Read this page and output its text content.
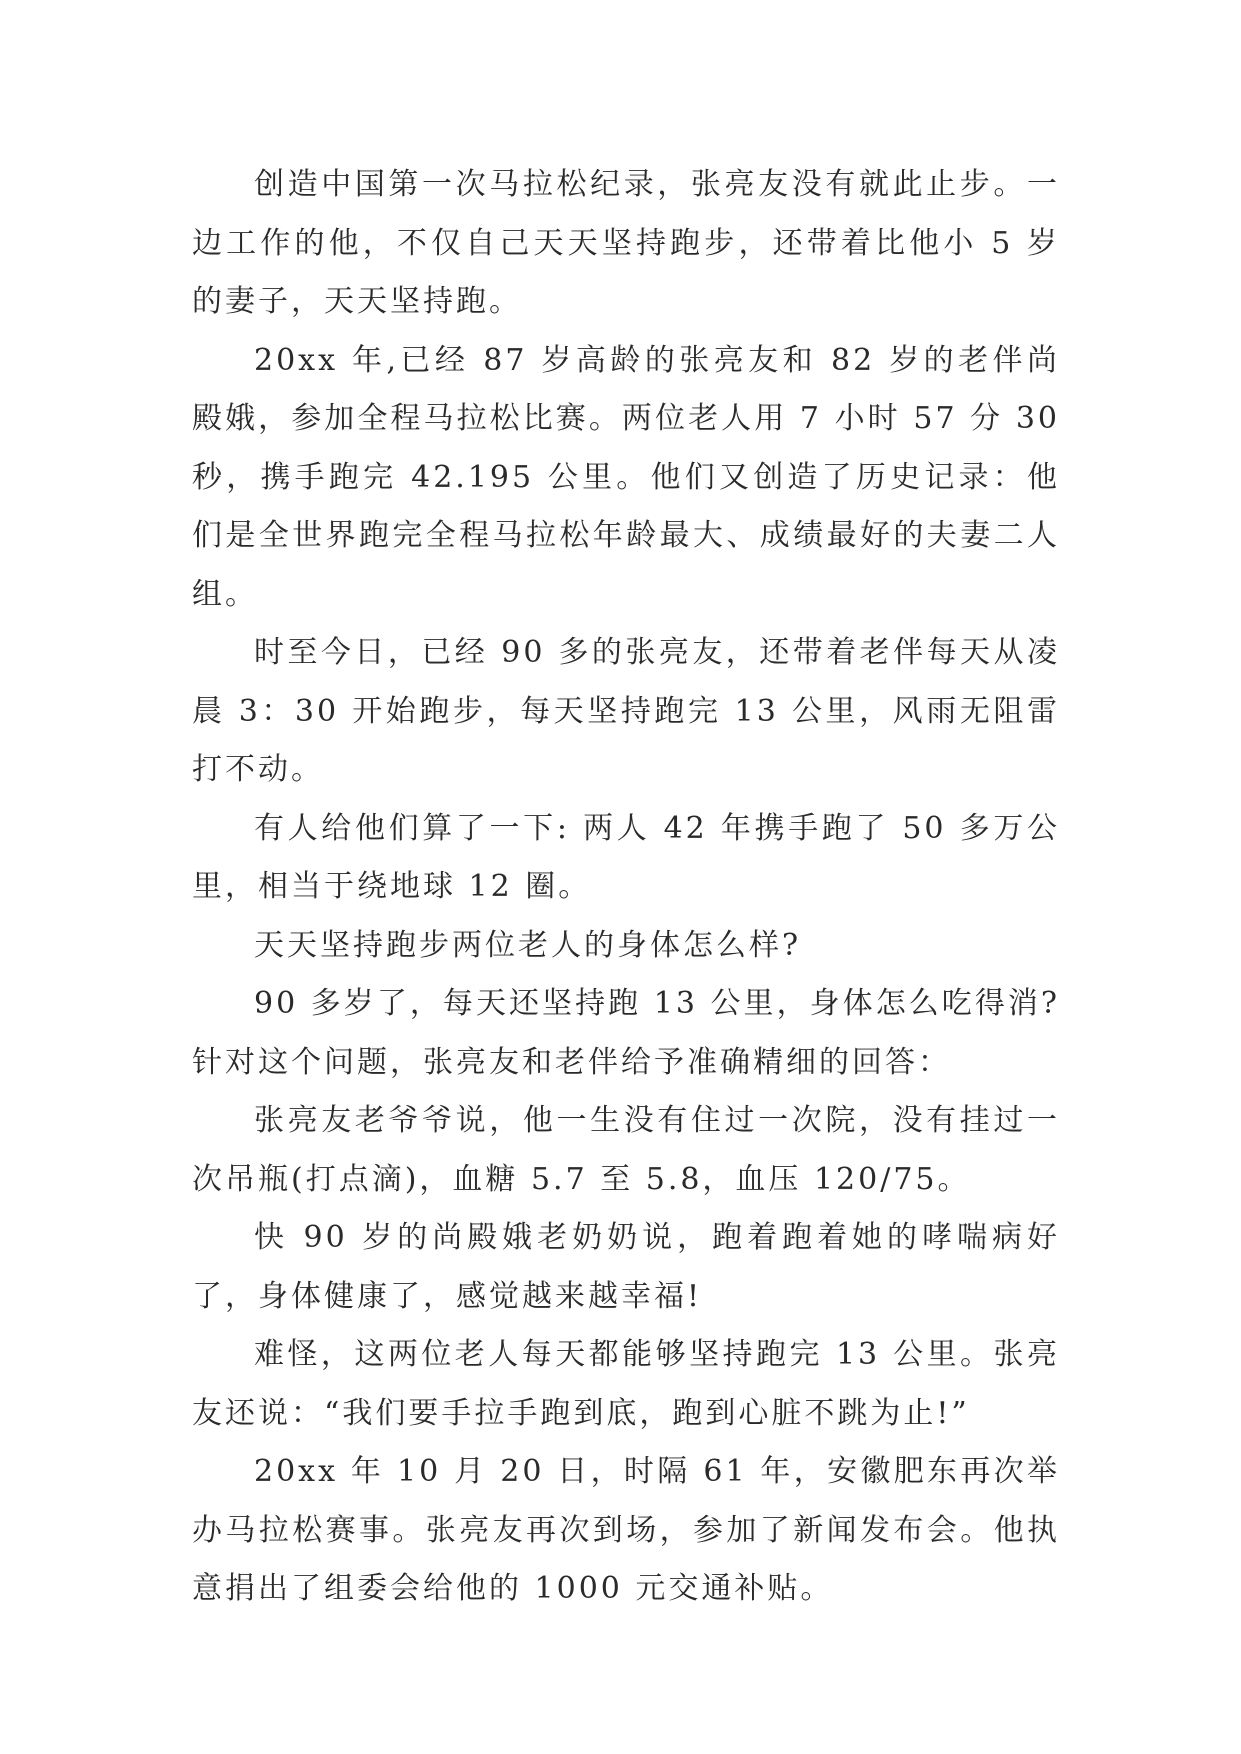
创造中国第一次马拉松纪录，张亮友没有就此止步。一边工作的他，不仅自己天天坚持跑步，还带着比他小 5 岁的妻子，天天坚持跑。

20xx 年,已经 87 岁高龄的张亮友和 82 岁的老伴尚殿娥，参加全程马拉松比赛。两位老人用 7 小时 57 分 30 秒，携手跑完 42.195 公里。他们又创造了历史记录：他们是全世界跑完全程马拉松年龄最大、成绩最好的夫妻二人组。

时至今日，已经 90 多的张亮友，还带着老伴每天从凌晨 3：30 开始跑步，每天坚持跑完 13 公里，风雨无阻雷打不动。

有人给他们算了一下: 两人 42 年携手跑了 50 多万公里，相当于绕地球 12 圈。

天天坚持跑步两位老人的身体怎么样?

90 多岁了，每天还坚持跑 13 公里，身体怎么吃得消?针对这个问题，张亮友和老伴给予准确精细的回答：

张亮友老爷爷说，他一生没有住过一次院，没有挂过一次吊瓶(打点滴)，血糖 5.7 至 5.8，血压 120/75。

快 90 岁的尚殿娥老奶奶说，跑着跑着她的哮喘病好了，身体健康了，感觉越来越幸福!

难怪，这两位老人每天都能够坚持跑完 13 公里。张亮友还说：“我们要手拉手跑到底，跑到心脏不跳为止!”

20xx 年 10 月 20 日，时隔 61 年，安徽肥东再次举办马拉松赛事。张亮友再次到场，参加了新闻发布会。他执意捐出了组委会给他的 1000 元交通补贴。
